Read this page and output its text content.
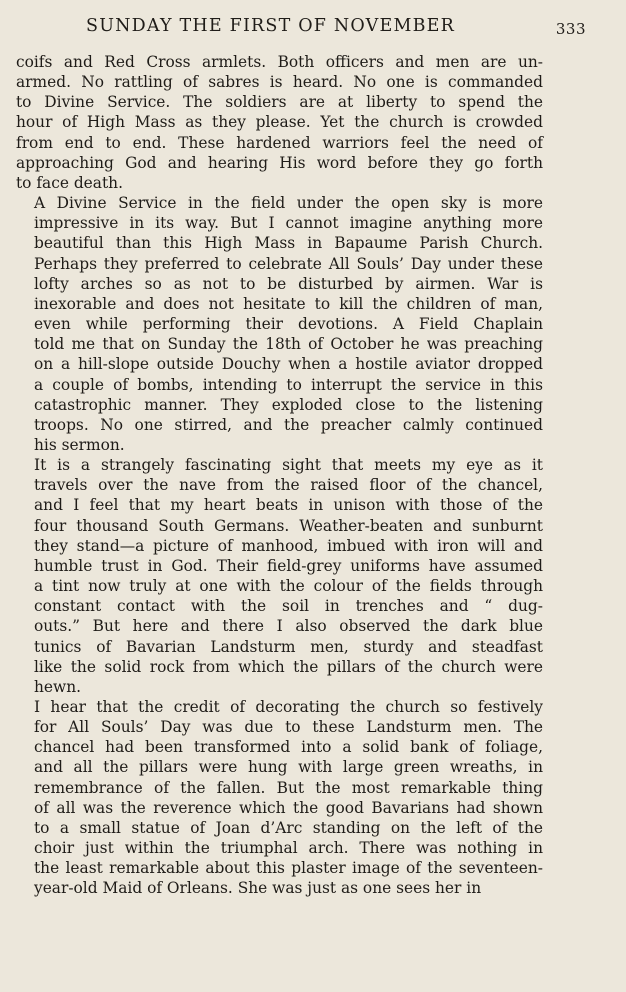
SUNDAY THE FIRST OF NOVEMBER	333

coifs and Red Cross armlets. Both officers and men are un-
armed. No rattling of sabres is heard. No one is commanded
to Divine Service. The soldiers are at liberty to spend the
hour of High Mass as they please. Yet the church is crowded
from end to end. These hardened warriors feel the need of
approaching God and hearing His word before they go forth
to face death.

A Divine Service in the field under the open sky is more
impressive in its way. But I cannot imagine anything more
beautiful than this High Mass in Bapaume Parish Church.
Perhaps they preferred to celebrate All Souls’ Day under these
lofty arches so as not to be disturbed by airmen. War is
inexorable and does not hesitate to kill the children of man,
even while performing their devotions. A Field Chaplain
told me that on Sunday the 18th of October he was preaching
on a hill-slope outside Douchy when a hostile aviator dropped
a couple of bombs, intending to interrupt the service in this
catastrophic manner. They exploded close to the listening
troops. No one stirred, and the preacher calmly continued
his sermon.

It is a strangely fascinating sight that meets my eye as it
travels over the nave from the raised floor of the chancel,
and I feel that my heart beats in unison with those of the
four thousand South Germans. Weather-beaten and sunburnt
they stand—a picture of manhood, imbued with iron will and
humble trust in God. Their field-grey uniforms have assumed
a tint now truly at one with the colour of the fields through
constant contact with the soil in trenches and “ dug-
outs.” But here and there I also observed the dark blue
tunics of Bavarian Landsturm men, sturdy and steadfast
like the solid rock from which the pillars of the church were
hewn.

I hear that the credit of decorating the church so festively
for All Souls’ Day was due to these Landsturm men. The
chancel had been transformed into a solid bank of foliage,
and all the pillars were hung with large green wreaths, in
remembrance of the fallen. But the most remarkable thing
of all was the reverence which the good Bavarians had shown
to a small statue of Joan d’Arc standing on the left of the
choir just within the triumphal arch. There was nothing in
the least remarkable about this plaster image of the seventeen-
year-old Maid of Orleans. She was just as one sees her in
